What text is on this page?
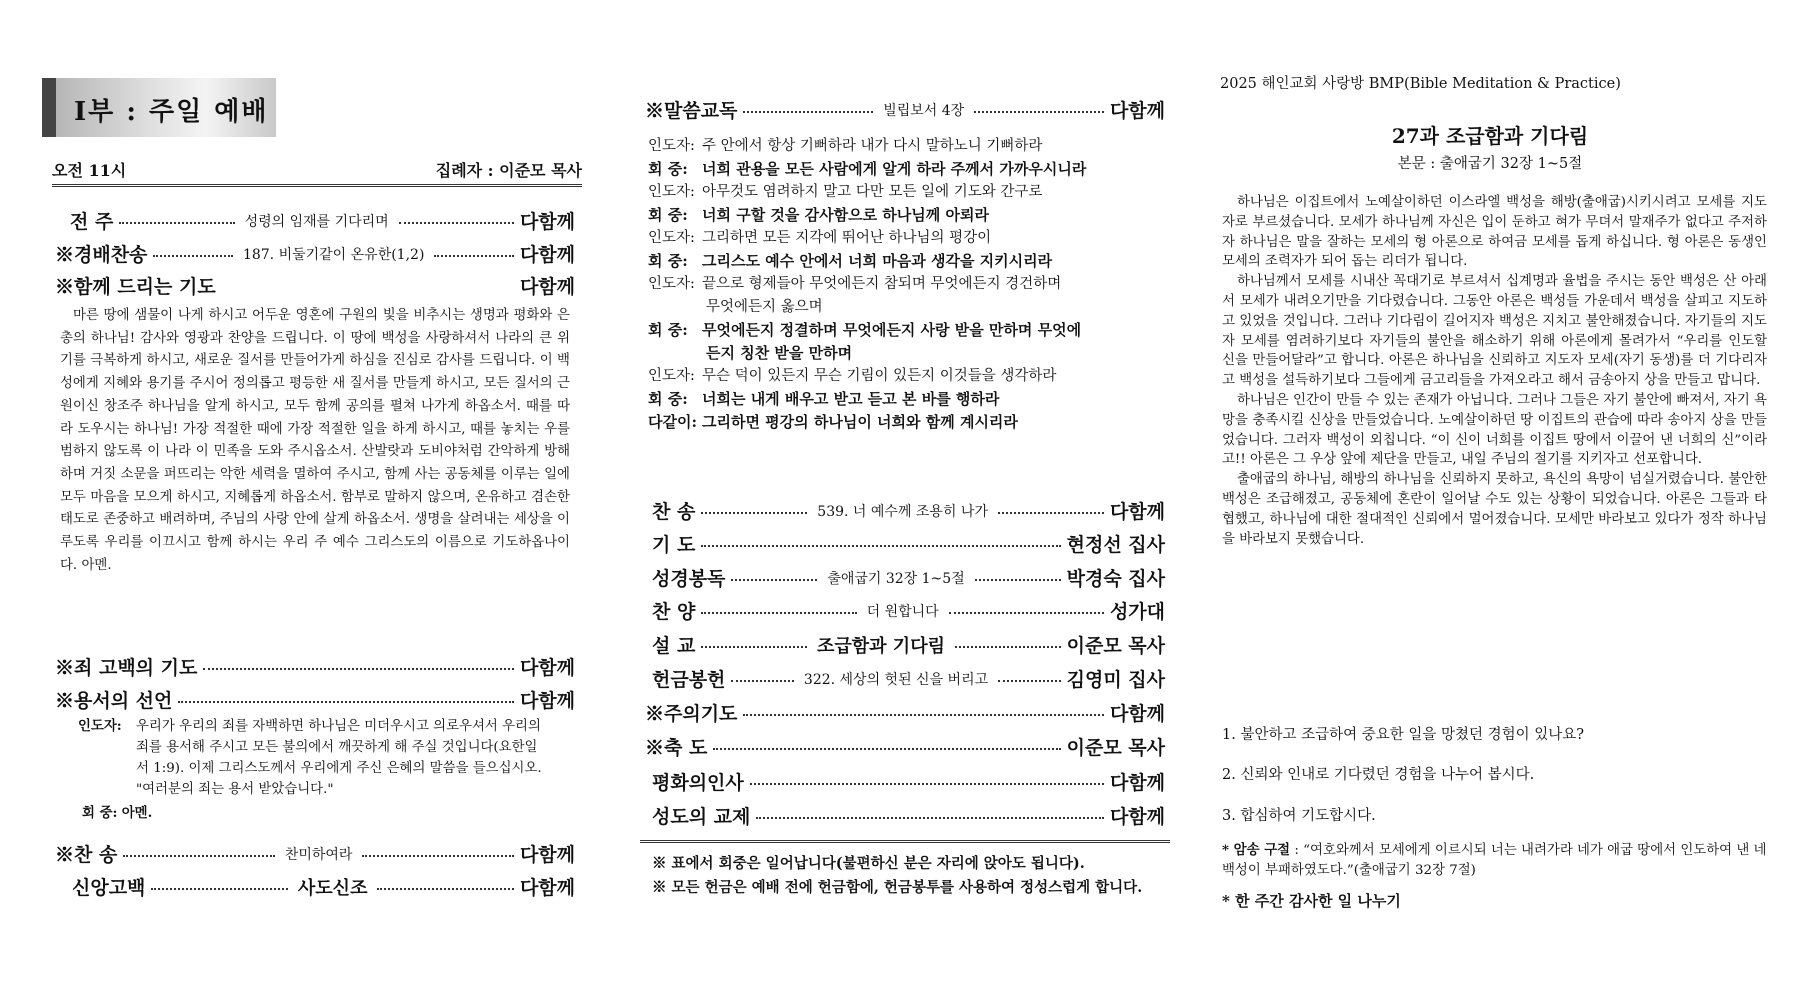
I부 : 주일 예배
오전 11시	집례자 : 이준모 목사
전 주	성령의 임재를 기다리며	다함께
※경배찬송	187. 비둘기같이 온유한(1,2)	다함께
※함께 드리는 기도	다함께
마른 땅에 샘물이 나게 하시고 어두운 영혼에 구원의 빛을 비추시는 생명과 평화와 은총의 하나님! 감사와 영광과 찬양을 드립니다. 이 땅에 백성을 사랑하셔서 나라의 큰 위기를 극복하게 하시고, 새로운 질서를 만들어가게 하심을 진심로 감사를 드립니다. 이 백성에게 지혜와 용기를 주시어 정의롭고 평등한 새 질서를 만들게 하시고, 모든 질서의 근원이신 창조주 하나님을 알게 하시고, 모두 함께 공의를 펼쳐 나가게 하옵소서. 때를 따라 도우시는 하나님! 가장 적절한 때에 가장 적절한 일을 하게 하시고, 때를 놓치는 우를 범하지 않도록 이 나라 이 민족을 도와 주시옵소서. 산발랏과 도비야처럼 간악하게 방해하며 거짓 소문을 퍼뜨리는 악한 세력을 멸하여 주시고, 함께 사는 공동체를 이루는 일에 모두 마음을 모으게 하시고, 지혜롭게 하옵소서. 함부로 말하지 않으며, 온유하고 겸손한 태도로 존중하고 배려하며, 주님의 사랑 안에 살게 하옵소서. 생명을 살려내는 세상을 이루도록 우리를 이끄시고 함께 하시는 우리 주 예수 그리스도의 이름으로 기도하옵나이다. 아멘.
※죄 고백의 기도	다함께
※용서의 선언	다함께
인도자:	우리가 우리의 죄를 자백하면 하나님은 미더우시고 의로우셔서 우리의 죄를 용서해 주시고 모든 불의에서 깨끗하게 해 주실 것입니다(요한일서 1:9). 이제 그리스도께서 우리에게 주신 은혜의 말씀을 들으십시오. "여러분의 죄는 용서 받았습니다."
회 중: 아멘.
※찬 송	찬미하여라	다함께
신앙고백	사도신조	다함께
※말씀교독	빌립보서 4장	다함께
인도자: 주 안에서 항상 기뻐하라 내가 다시 말하노니 기뻐하라
회 중: 너희 관용을 모든 사람에게 알게 하라 주께서 가까우시니라
인도자: 아무것도 염려하지 말고 다만 모든 일에 기도와 간구로
회 중: 너희 구할 것을 감사함으로 하나님께 아뢰라
인도자: 그리하면 모든 지각에 뛰어난 하나님의 평강이
회 중: 그리스도 예수 안에서 너희 마음과 생각을 지키시리라
인도자: 끝으로 형제들아 무엇에든지 참되며 무엇에든지 경건하며
무엇에든지 옳으며
회 중: 무엇에든지 정결하며 무엇에든지 사랑 받을 만하며 무엇에
든지 칭찬 받을 만하며
인도자: 무슨 덕이 있든지 무슨 기림이 있든지 이것들을 생각하라
회 중: 너희는 내게 배우고 받고 듣고 본 바를 행하라
다같이: 그리하면 평강의 하나님이 너희와 함께 계시리라
찬 송	539. 너 예수께 조용히 나가	다함께
기 도	현정선 집사
성경봉독	출애굽기 32장 1~5절	박경숙 집사
찬 양	더 원합니다	성가대
설 교	조급함과 기다림	이준모 목사
헌금봉헌	322. 세상의 헛된 신을 버리고	김영미 집사
※주의기도	다함께
※축 도	이준모 목사
평화의인사	다함께
성도의 교제	다함께
※ 표에서 회중은 일어납니다(불편하신 분은 자리에 앉아도 됩니다).
※ 모든 헌금은 예배 전에 헌금함에, 헌금봉투를 사용하여 정성스럽게 합니다.
2025 해인교회 사랑방 BMP(Bible Meditation & Practice)
27과 조급함과 기다림
본문 : 출애굽기 32장 1~5절

하나님은 이집트에서 노예살이하던 이스라엘 백성을 해방(출애굽)시키시려고 모세를 지도자로 부르셨습니다. 모세가 하나님께 자신은 입이 둔하고 혀가 무뎌서 말재주가 없다고 주저하자 하나님은 말을 잘하는 모세의 형 아론으로 하여금 모세를 돕게 하십니다. 형 아론은 동생인 모세의 조력자가 되어 돕는 리더가 됩니다.

하나님께서 모세를 시내산 꼭대기로 부르셔서 십계명과 율법을 주시는 동안 백성은 산 아래서 모세가 내려오기만을 기다렸습니다. 그동안 아론은 백성들 가운데서 백성을 살피고 지도하고 있었을 것입니다. 그러나 기다림이 길어지자 백성은 지치고 불안해졌습니다. 자기들의 지도자 모세를 염려하기보다 자기들의 불안을 해소하기 위해 아론에게 몰려가서 “우리를 인도할 신을 만들어달라”고 합니다. 아론은 하나님을 신뢰하고 지도자 모세(자기 동생)를 더 기다리자고 백성을 설득하기보다 그들에게 금고리들을 가져오라고 해서 금송아지 상을 만들고 맙니다.

하나님은 인간이 만들 수 있는 존재가 아닙니다. 그러나 그들은 자기 불안에 빠져서, 자기 욕망을 충족시킬 신상을 만들었습니다. 노예살이하던 땅 이집트의 관습에 따라 송아지 상을 만들었습니다. 그러자 백성이 외칩니다. “이 신이 너희를 이집트 땅에서 이끌어 낸 너희의 신”이라고!! 아론은 그 우상 앞에 제단을 만들고, 내일 주님의 절기를 지키자고 선포합니다.

출애굽의 하나님, 해방의 하나님을 신뢰하지 못하고, 욕신의 욕망이 넘실거렸습니다. 불안한 백성은 조급해졌고, 공동체에 혼란이 일어날 수도 있는 상황이 되었습니다. 아론은 그들과 타협했고, 하나님에 대한 절대적인 신뢰에서 멀어졌습니다. 모세만 바라보고 있다가 정작 하나님을 바라보지 못했습니다.

1. 불안하고 조급하여 중요한 일을 망쳤던 경험이 있나요?
2. 신뢰와 인내로 기다렸던 경험을 나누어 봅시다.
3. 합심하여 기도합시다.
* 암송 구절 : “여호와께서 모세에게 이르시되 너는 내려가라 네가 애굽 땅에서 인도하여 낸 네 백성이 부패하였도다.”(출애굽기 32장 7절)
* 한 주간 감사한 일 나누기
